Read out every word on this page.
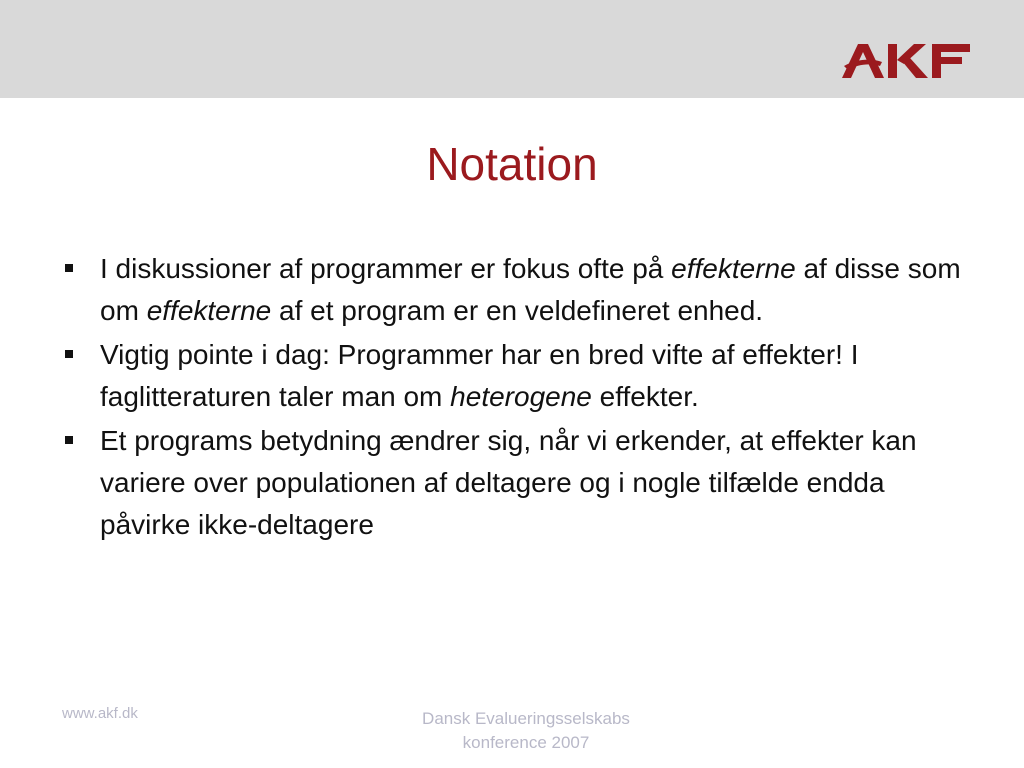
Notation
I diskussioner af programmer er fokus ofte på effekterne af disse som om effekterne af et program er en veldefineret enhed.
Vigtig pointe i dag: Programmer har en bred vifte af effekter! I faglitteraturen taler man om heterogene effekter.
Et programs betydning ændrer sig, når vi erkender, at effekter kan variere over populationen af deltagere og i nogle tilfælde endda påvirke ikke-deltagere
www.akf.dk	Dansk Evalueringsselskabs
konference 2007
